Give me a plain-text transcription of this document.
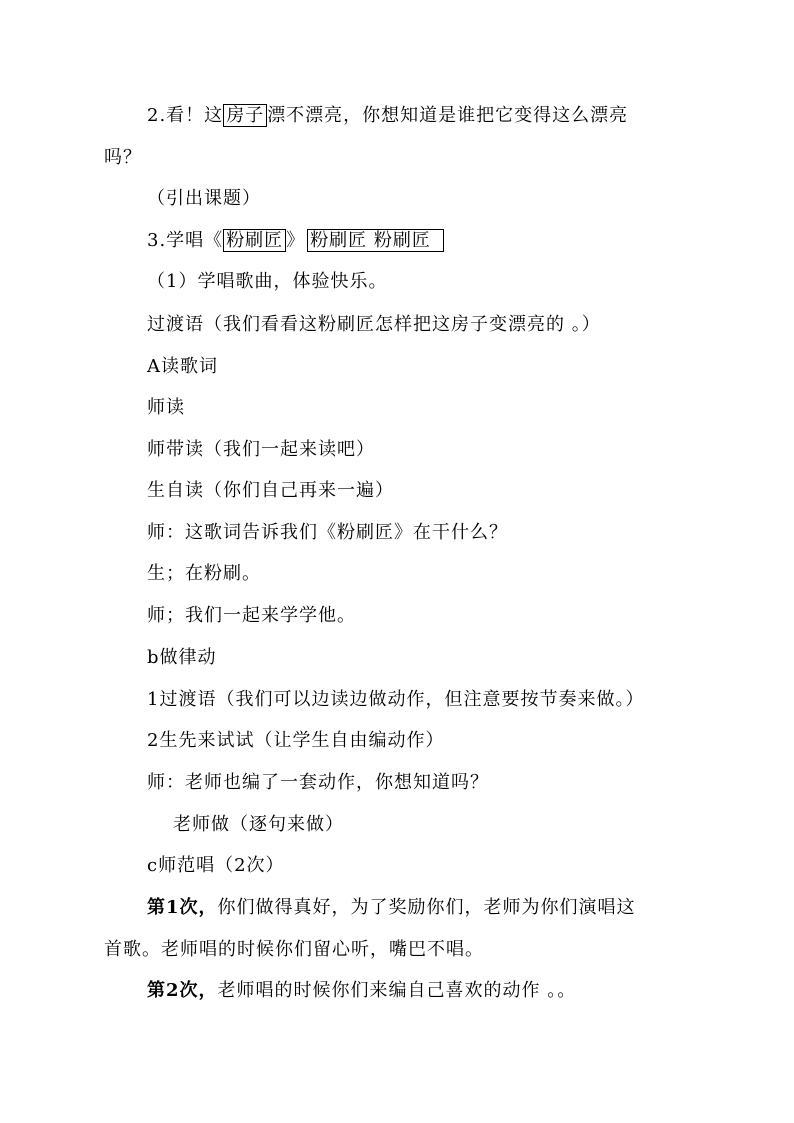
2.看！这 房子 漂不漂亮，你想知道是谁把它变得这么漂亮
吗？
（引出课题）
3.学唱《 粉刷匠 》 粉刷匠 粉刷匠
（1）学唱歌曲，体验快乐。
过渡语（我们看看这粉刷匠怎样把这房子变漂亮的 。）
A读歌词
师读
师带读（我们一起来读吧）
生自读（你们自己再来一遍）
师：这歌词告诉我们《粉刷匠》在干什么？
生；在粉刷。
师；我们一起来学学他。
b做律动
1过渡语（我们可以边读边做动作，但注意要按节奏来做。）
2生先来试试（让学生自由编动作）
师：老师也编了一套动作，你想知道吗？
老师做（逐句来做）
c师范唱（2次）
第1次，你们做得真好，为了奖励你们，老师为你们演唱这
首歌。老师唱的时候你们留心听，嘴巴不唱。
第2次，老师唱的时候你们来编自己喜欢的动作 。。
